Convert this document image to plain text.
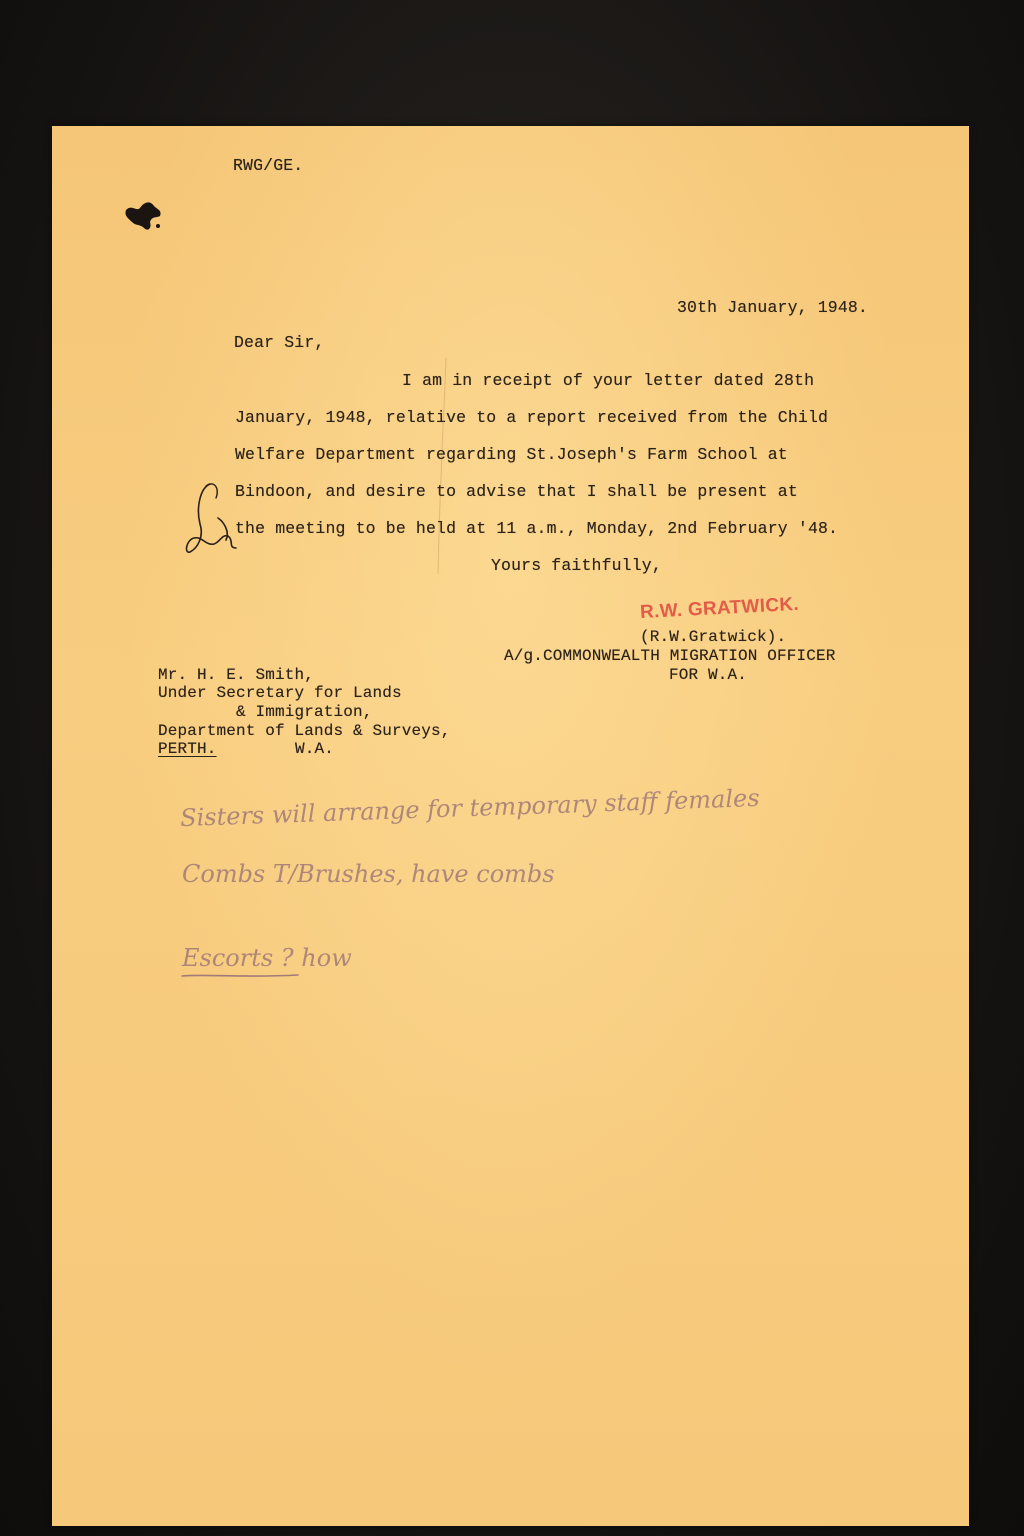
RWG/GE.
30th January, 1948.
Dear Sir,
I am in receipt of your letter dated 28th
January, 1948, relative to a report received from the Child
Welfare Department regarding St.Joseph's Farm School at
Bindoon, and desire to advise that I shall be present at
the meeting to be held at 11 a.m., Monday, 2nd February '48.
Yours faithfully,
R.W. GRATWICK.
(R.W.Gratwick).
A/g.COMMONWEALTH MIGRATION OFFICER
FOR W.A.
Mr. H. E. Smith,
Under Secretary for Lands
& Immigration,
Department of Lands & Surveys,
PERTH.	W.A.
Sisters will arrange for temporary staff females
Combs T/Brushes, have combs
Escorts ? how
